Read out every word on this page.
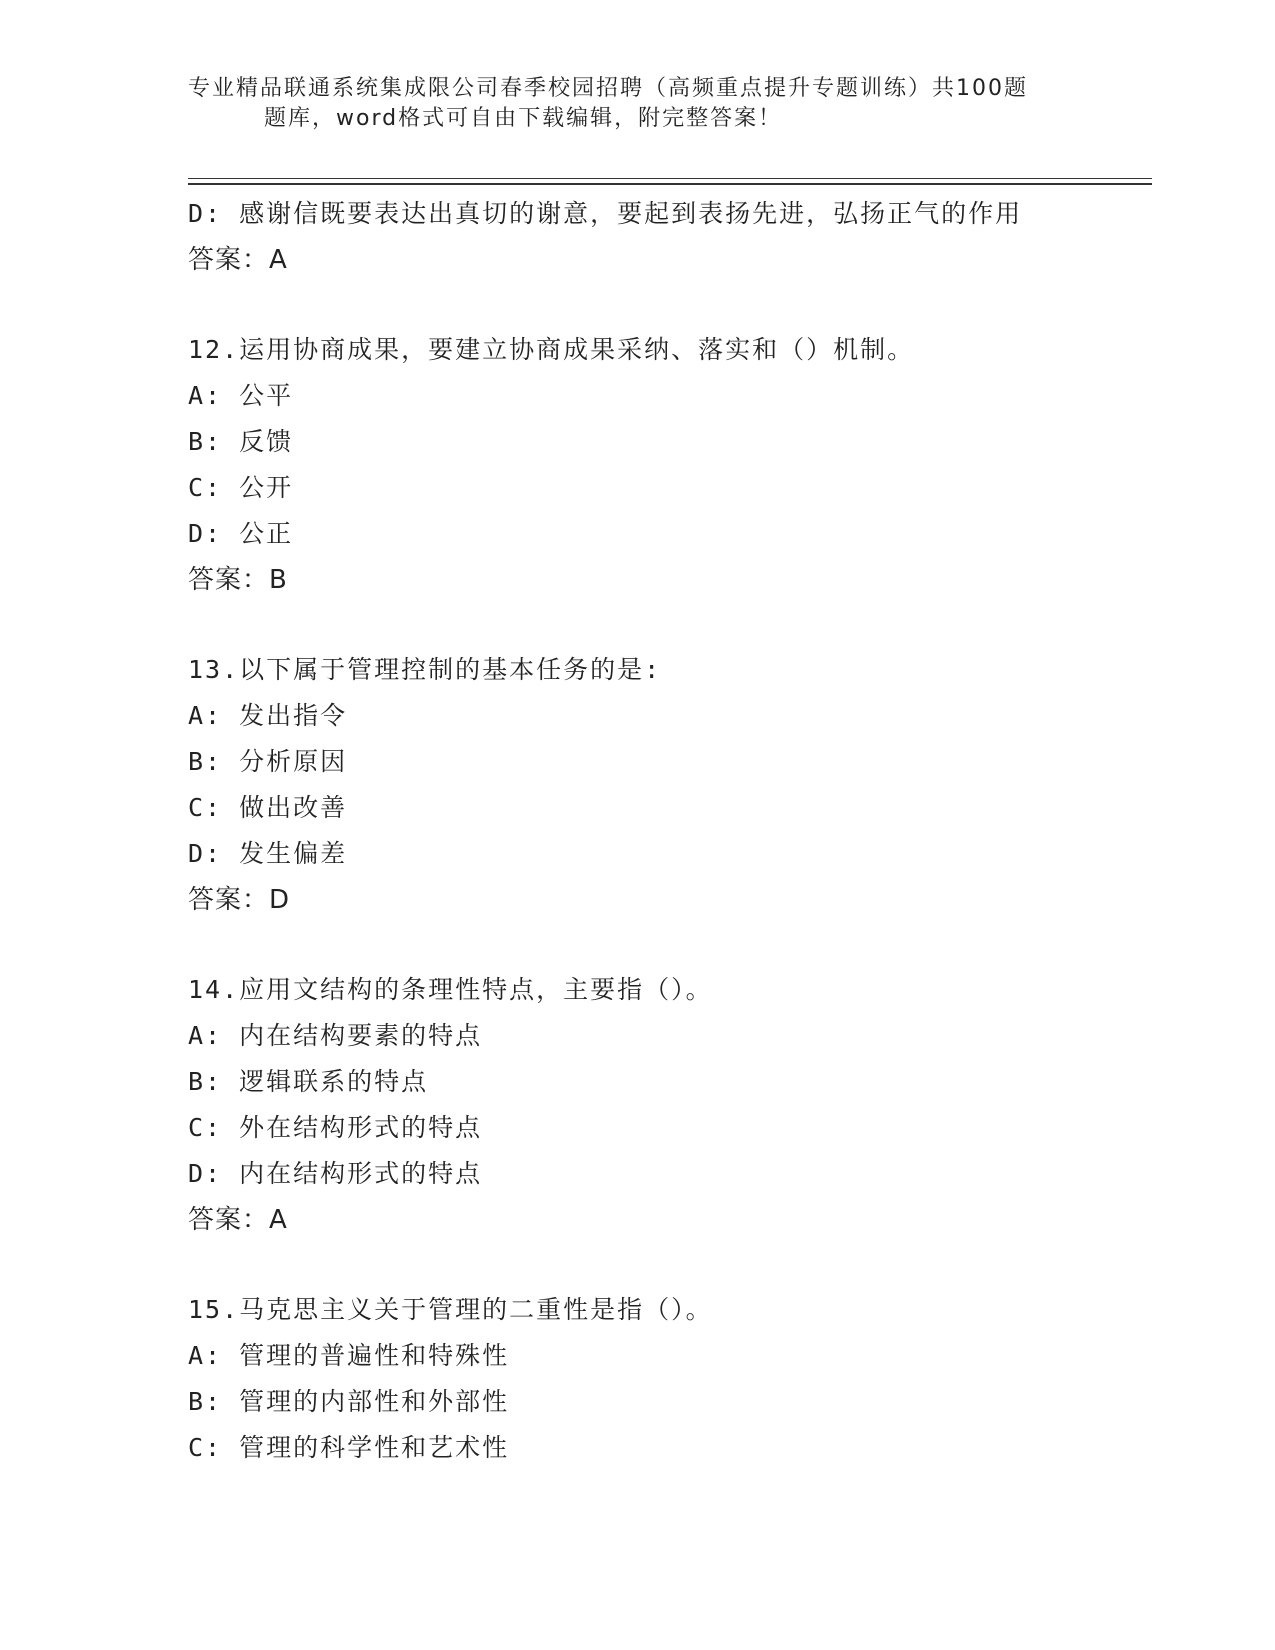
专业精品联通系统集成限公司春季校园招聘（高频重点提升专题训练）共100题
题库，word格式可自由下载编辑，附完整答案！
D: 感谢信既要表达出真切的谢意，要起到表扬先进，弘扬正气的作用
答案：A
12.运用协商成果，要建立协商成果采纳、落实和（）机制。
A: 公平
B: 反馈
C: 公开
D: 公正
答案：B
13.以下属于管理控制的基本任务的是:
A: 发出指令
B: 分析原因
C: 做出改善
D: 发生偏差
答案：D
14.应用文结构的条理性特点，主要指（）。
A: 内在结构要素的特点
B: 逻辑联系的特点
C: 外在结构形式的特点
D: 内在结构形式的特点
答案：A
15.马克思主义关于管理的二重性是指（）。
A: 管理的普遍性和特殊性
B: 管理的内部性和外部性
C: 管理的科学性和艺术性
